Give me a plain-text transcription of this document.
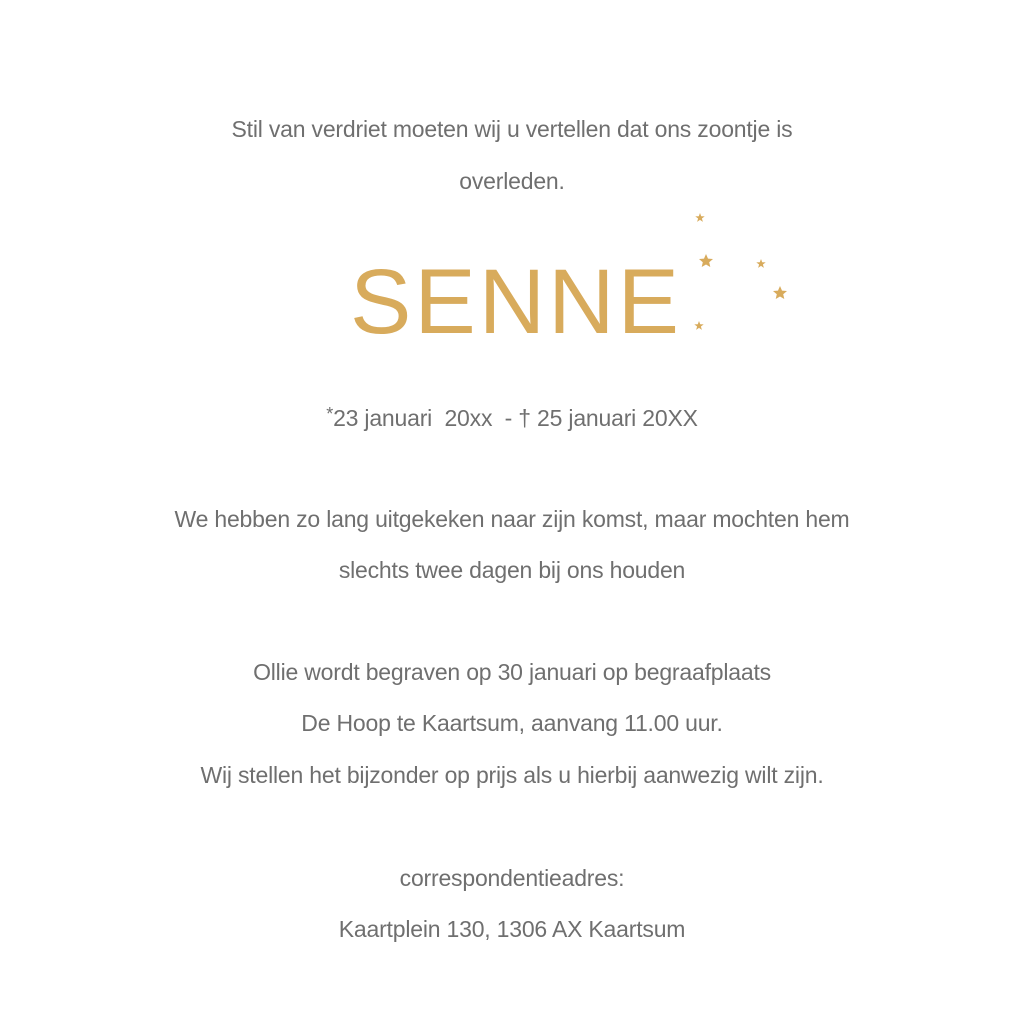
Stil van verdriet moeten wij u vertellen dat ons zoontje is
overleden.
SENNE
*23 januari  20xx  - † 25 januari 20XX
We hebben zo lang uitgekeken naar zijn komst, maar mochten hem
slechts twee dagen bij ons houden
Ollie wordt begraven op 30 januari op begraafplaats
De Hoop te Kaartsum, aanvang 11.00 uur.
Wij stellen het bijzonder op prijs als u hierbij aanwezig wilt zijn.
correspondentieadres:
Kaartplein 130, 1306 AX Kaartsum
